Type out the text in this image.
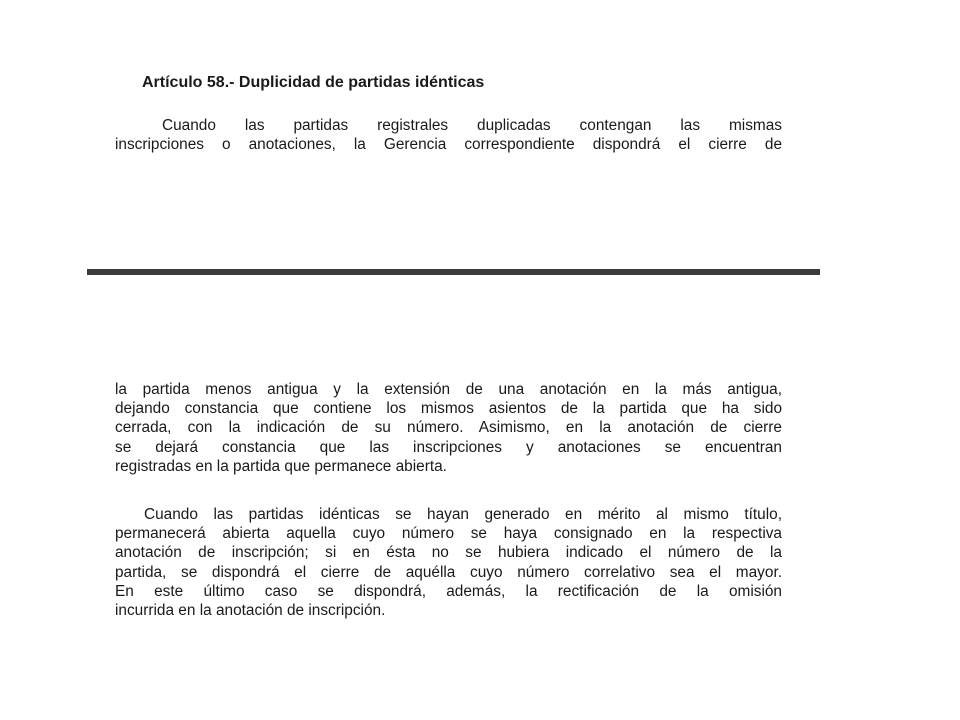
Artículo 58.- Duplicidad de partidas idénticas

Cuando las partidas registrales duplicadas contengan las mismas
inscripciones o anotaciones, la Gerencia correspondiente dispondrá el cierre de

la partida menos antigua y la extensión de una anotación en la más antigua,
dejando constancia que contiene los mismos asientos de la partida que ha sido
cerrada, con la indicación de su número. Asimismo, en la anotación de cierre
se dejará constancia que las inscripciones y anotaciones se encuentran
registradas en la partida que permanece abierta.

Cuando las partidas idénticas se hayan generado en mérito al mismo título,
permanecerá abierta aquella cuyo número se haya consignado en la respectiva
anotación de inscripción; si en ésta no se hubiera indicado el número de la
partida, se dispondrá el cierre de aquélla cuyo número correlativo sea el mayor.
En este último caso se dispondrá, además, la rectificación de la omisión
incurrida en la anotación de inscripción.
